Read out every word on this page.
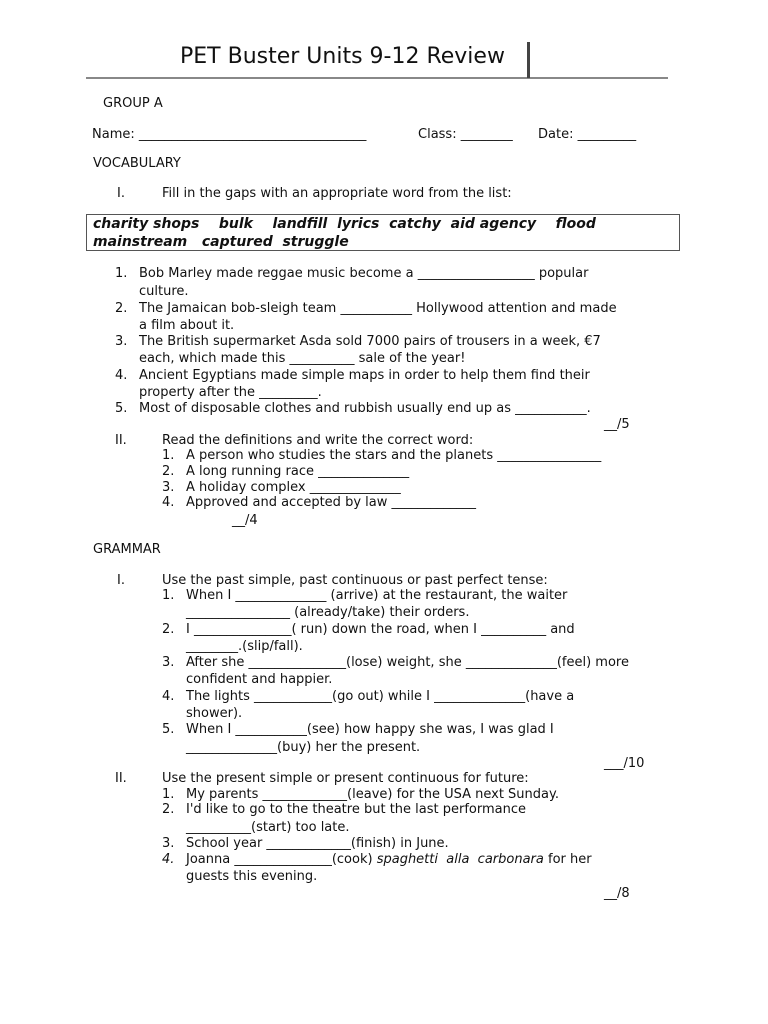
PET Buster Units 9-12 Review
GROUP A
Name: ___________________________________	Class: ________ Date: _________
VOCABULARY
I.	Fill in the gaps with an appropriate word from the list:
charity shops    bulk    landfill  lyrics  catchy  aid agency    flood
mainstream   captured  struggle
1. Bob Marley made reggae music become a __________________ popular
culture.
2. The Jamaican bob-sleigh team ___________ Hollywood attention and made
a film about it.
3. The British supermarket Asda sold 7000 pairs of trousers in a week, €7
each, which made this __________ sale of the year!
4. Ancient Egyptians made simple maps in order to help them find their
property after the _________.
5. Most of disposable clothes and rubbish usually end up as ___________.
__/5
II.	Read the definitions and write the correct word:
1. A person who studies the stars and the planets ________________
2. A long running race ______________
3. A holiday complex ______________
4. Approved and accepted by law _____________
__/4
GRAMMAR
I.	Use the past simple, past continuous or past perfect tense:
1. When I ______________ (arrive) at the restaurant, the waiter
________________ (already/take) their orders.
2. I _______________( run) down the road, when I __________ and
________.(slip/fall).
3. After she _______________(lose) weight, she ______________(feel) more
confident and happier.
4. The lights ____________(go out) while I ______________(have a
shower).
5. When I ___________(see) how happy she was, I was glad I
______________(buy) her the present.
___/10
II.	Use the present simple or present continuous for future:
1. My parents _____________(leave) for the USA next Sunday.
2. I'd like to go to the theatre but the last performance
__________(start) too late.
3. School year _____________(finish) in June.
4. Joanna _______________(cook) spaghetti  alla  carbonara for her
guests this evening.
__/8
